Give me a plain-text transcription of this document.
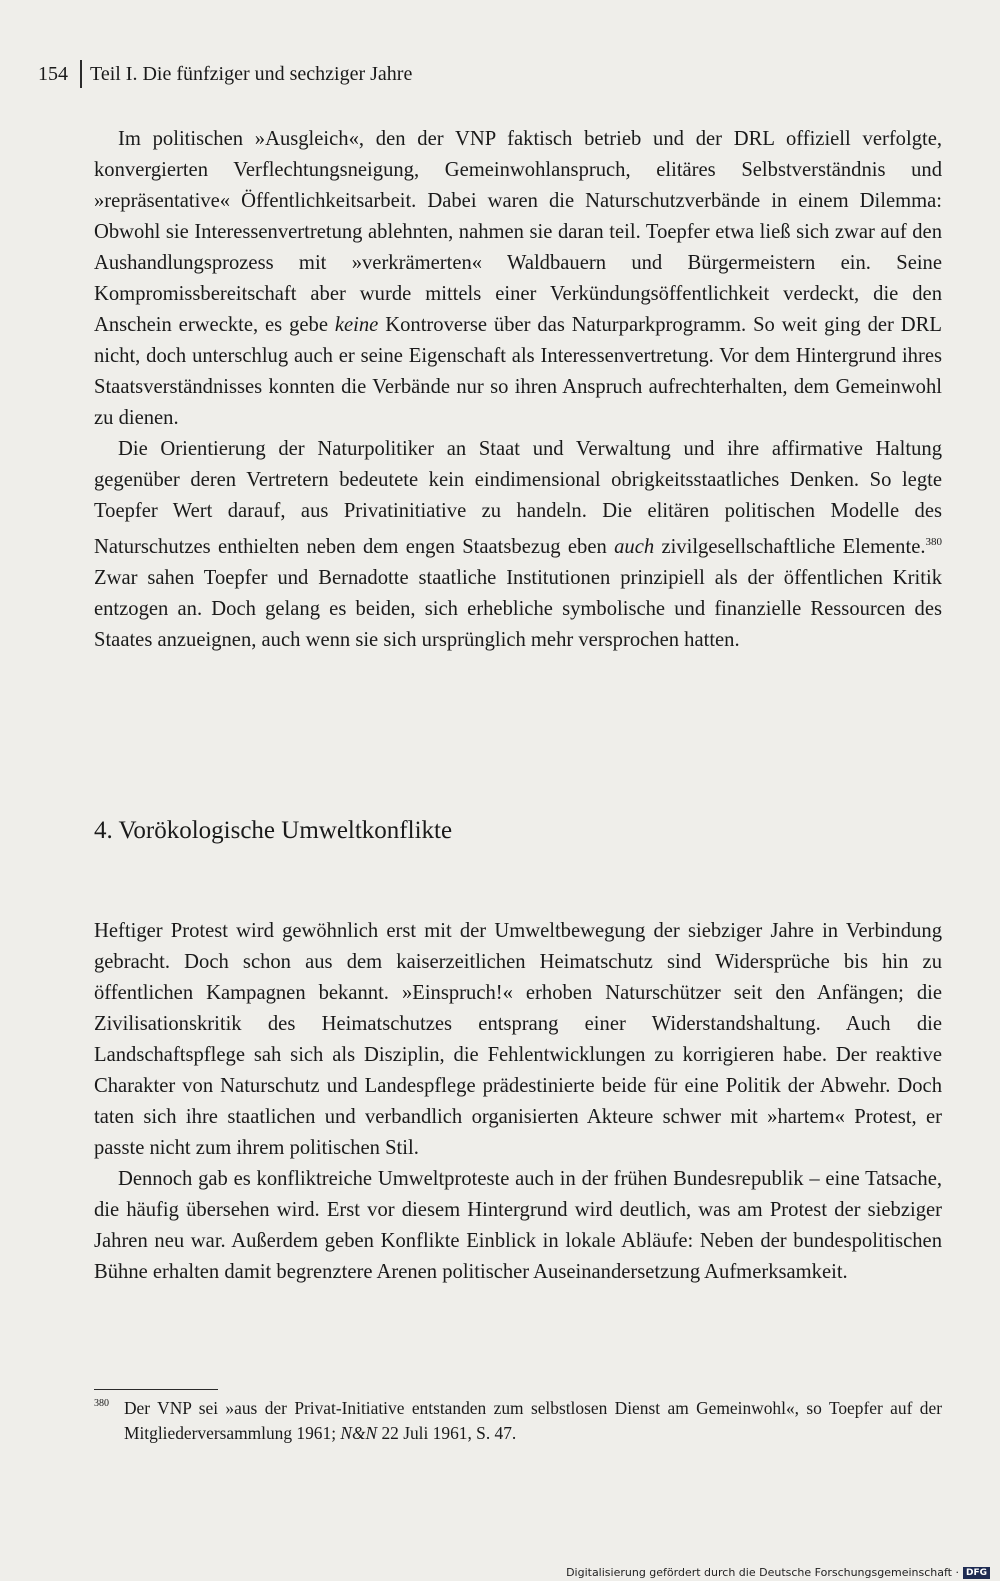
154 Teil I. Die fünfziger und sechziger Jahre

Im politischen »Ausgleich«, den der VNP faktisch betrieb und der DRL offiziell verfolgte, konvergierten Verflechtungsneigung, Gemeinwohlanspruch, elitäres Selbstverständnis und »repräsentative« Öffentlichkeitsarbeit. Dabei waren die Naturschutzverbände in einem Dilemma: Obwohl sie Interessenvertretung ablehnten, nahmen sie daran teil. Toepfer etwa ließ sich zwar auf den Aushandlungsprozess mit »verkrämerten« Waldbauern und Bürgermeistern ein. Seine Kompromissbereitschaft aber wurde mittels einer Verkündungsöffentlichkeit verdeckt, die den Anschein erweckte, es gebe keine Kontroverse über das Naturparkprogramm. So weit ging der DRL nicht, doch unterschlug auch er seine Eigenschaft als Interessenvertretung. Vor dem Hintergrund ihres Staatsverständnisses konnten die Verbände nur so ihren Anspruch aufrechterhalten, dem Gemeinwohl zu dienen.

Die Orientierung der Naturpolitiker an Staat und Verwaltung und ihre affirmative Haltung gegenüber deren Vertretern bedeutete kein eindimensional obrigkeitsstaatliches Denken. So legte Toepfer Wert darauf, aus Privatinitiative zu handeln. Die elitären politischen Modelle des Naturschutzes enthielten neben dem engen Staatsbezug eben auch zivilgesellschaftliche Elemente.$^{380}$ Zwar sahen Toepfer und Bernadotte staatliche Institutionen prinzipiell als der öffentlichen Kritik entzogen an. Doch gelang es beiden, sich erhebliche symbolische und finanzielle Ressourcen des Staates anzueignen, auch wenn sie sich ursprünglich mehr versprochen hatten.

4. Vorökologische Umweltkonflikte

Heftiger Protest wird gewöhnlich erst mit der Umweltbewegung der siebziger Jahre in Verbindung gebracht. Doch schon aus dem kaiserzeitlichen Heimatschutz sind Widersprüche bis hin zu öffentlichen Kampagnen bekannt. »Einspruch!« erhoben Naturschützer seit den Anfängen; die Zivilisationskritik des Heimatschutzes entsprang einer Widerstandshaltung. Auch die Landschaftspflege sah sich als Disziplin, die Fehlentwicklungen zu korrigieren habe. Der reaktive Charakter von Naturschutz und Landespflege prädestinierte beide für eine Politik der Abwehr. Doch taten sich ihre staatlichen und verbandlich organisierten Akteure schwer mit »hartem« Protest, er passte nicht zum ihrem politischen Stil.

Dennoch gab es konfliktreiche Umweltproteste auch in der frühen Bundesrepublik – eine Tatsache, die häufig übersehen wird. Erst vor diesem Hintergrund wird deutlich, was am Protest der siebziger Jahren neu war. Außerdem geben Konflikte Einblick in lokale Abläufe: Neben der bundespolitischen Bühne erhalten damit begrenztere Arenen politischer Auseinandersetzung Aufmerksamkeit.

380 Der VNP sei »aus der Privat-Initiative entstanden zum selbstlosen Dienst am Gemeinwohl«, so Toepfer auf der Mitgliederversammlung 1961; N&N 22 Juli 1961, S. 47.
Digitalisierung gefördert durch die Deutsche Forschungsgemeinschaft · DFG
